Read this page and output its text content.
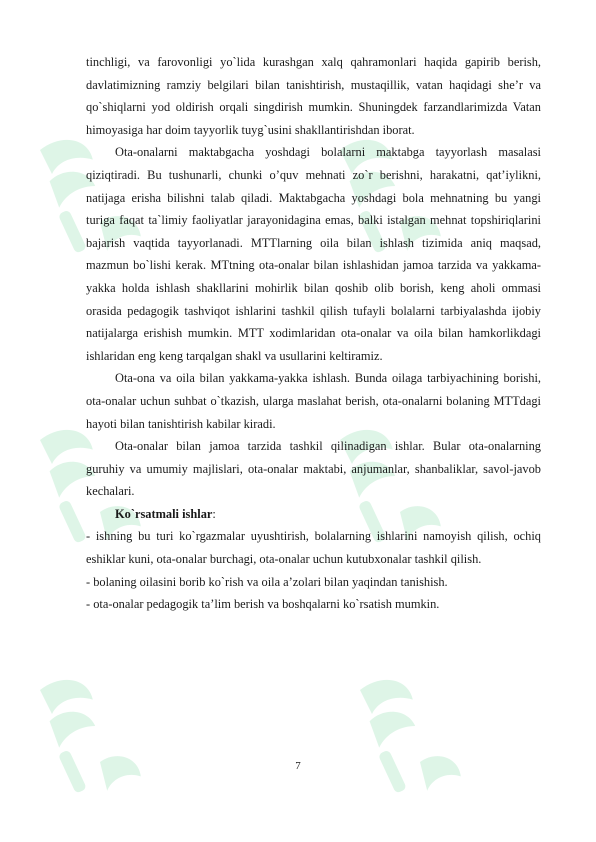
tinchligi, va farovonligi yo`lida kurashgan xalq qahramonlari haqida gapirib berish, davlatimizning ramziy belgilari bilan tanishtirish, mustaqillik, vatan haqidagi she’r va qo`shiqlarni yod oldirish orqali singdirish mumkin. Shuningdek farzandlarimizda Vatan himoyasiga har doim tayyorlik tuyg`usini shakllantirishdan iborat.

Ota-onalarni maktabgacha yoshdagi bolalarni maktabga tayyorlash masalasi qiziqtiradi. Bu tushunarli, chunki o’quv mehnati zo`r berishni, harakatni, qat’iylikni, natijaga erisha bilishni talab qiladi. Maktabgacha yoshdagi bola mehnatning bu yangi turiga faqat ta`limiy faoliyatlar jarayonidagina emas, balki istalgan mehnat topshiriqlarini bajarish vaqtida tayyorlanadi. MTTlarning oila bilan ishlash tizimida aniq maqsad, mazmun bo`lishi kerak. MTtning ota-onalar bilan ishlashidan jamoa tarzida va yakkama-yakka holda ishlash shakllarini mohirlik bilan qoshib olib borish, keng aholi ommasi orasida pedagogik tashviqot ishlarini tashkil qilish tufayli bolalarni tarbiyalashda ijobiy natijalarga erishish mumkin. MTT xodimlaridan ota-onalar va oila bilan hamkorlikdagi ishlaridan eng keng tarqalgan shakl va usullarini keltiramiz.

Ota-ona va oila bilan yakkama-yakka ishlash. Bunda oilaga tarbiyachining borishi, ota-onalar uchun suhbat o`tkazish, ularga maslahat berish, ota-onalarni bolaning MTTdagi hayoti bilan tanishtirish kabilar kiradi.

Ota-onalar bilan jamoa tarzida tashkil qilinadigan ishlar. Bular ota-onalarning guruhiy va umumiy majlislari, ota-onalar maktabi, anjumanlar, shanbaliklar, savol-javob kechalari.

Ko`rsatmali ishlar:

- ishning bu turi ko`rgazmalar uyushtirish, bolalarning ishlarini namoyish qilish, ochiq eshiklar kuni, ota-onalar burchagi, ota-onalar uchun kutubxonalar tashkil qilish.

- bolaning oilasini borib ko`rish va oila a’zolari bilan yaqindan tanishish.

- ota-onalar pedagogik ta’lim berish va boshqalarni ko`rsatish mumkin.

7
